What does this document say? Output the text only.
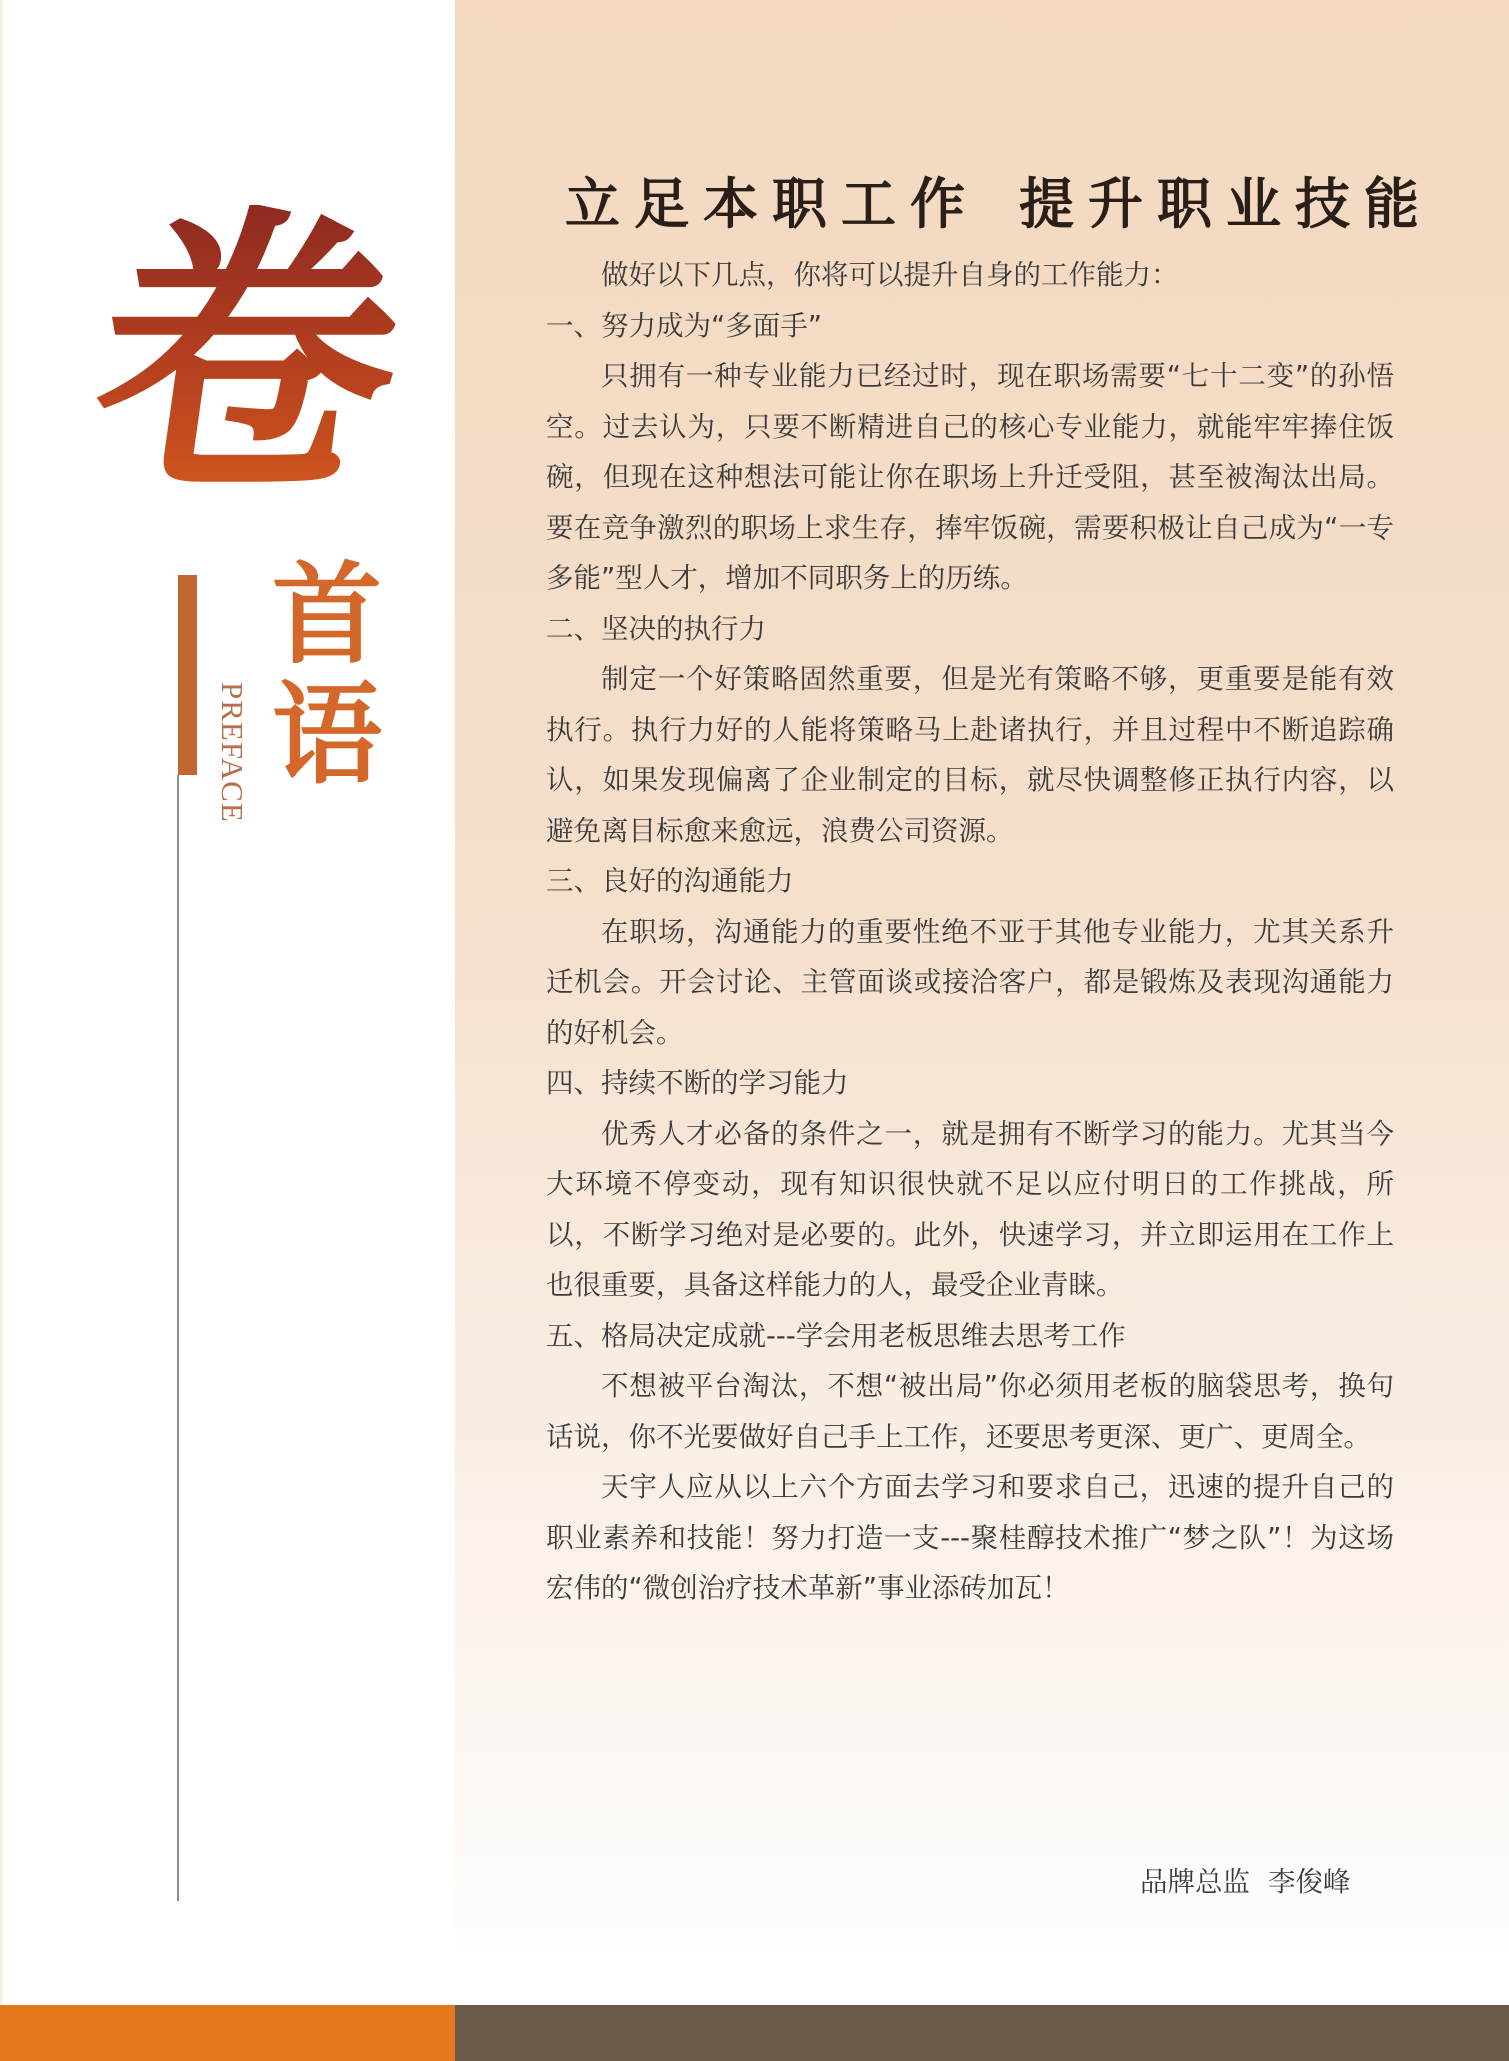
卷
首
语
PREFACE
立足本职工作 提升职业技能

做好以下几点，你将可以提升自身的工作能力：

一、努力成为“多面手”

只拥有一种专业能力已经过时，现在职场需要“七十二变”的孙悟空。过去认为，只要不断精进自己的核心专业能力，就能牢牢捧住饭碗，但现在这种想法可能让你在职场上升迁受阻，甚至被淘汰出局。要在竞争激烈的职场上求生存，捧牢饭碗，需要积极让自己成为“一专多能”型人才，增加不同职务上的历练。

二、坚决的执行力

制定一个好策略固然重要，但是光有策略不够，更重要是能有效执行。执行力好的人能将策略马上赴诸执行，并且过程中不断追踪确认，如果发现偏离了企业制定的目标，就尽快调整修正执行内容，以避免离目标愈来愈远，浪费公司资源。

三、良好的沟通能力

在职场，沟通能力的重要性绝不亚于其他专业能力，尤其关系升迁机会。开会讨论、主管面谈或接洽客户，都是锻炼及表现沟通能力的好机会。

四、持续不断的学习能力

优秀人才必备的条件之一，就是拥有不断学习的能力。尤其当今大环境不停变动，现有知识很快就不足以应付明日的工作挑战，所以，不断学习绝对是必要的。此外，快速学习，并立即运用在工作上也很重要，具备这样能力的人，最受企业青睐。

五、格局决定成就---学会用老板思维去思考工作

不想被平台淘汰，不想“被出局”你必须用老板的脑袋思考，换句话说，你不光要做好自己手上工作，还要思考更深、更广、更周全。

天宇人应从以上六个方面去学习和要求自己，迅速的提升自己的职业素养和技能！努力打造一支---聚桂醇技术推广“梦之队”！为这场宏伟的“微创治疗技术革新”事业添砖加瓦！

品牌总监 李俊峰
